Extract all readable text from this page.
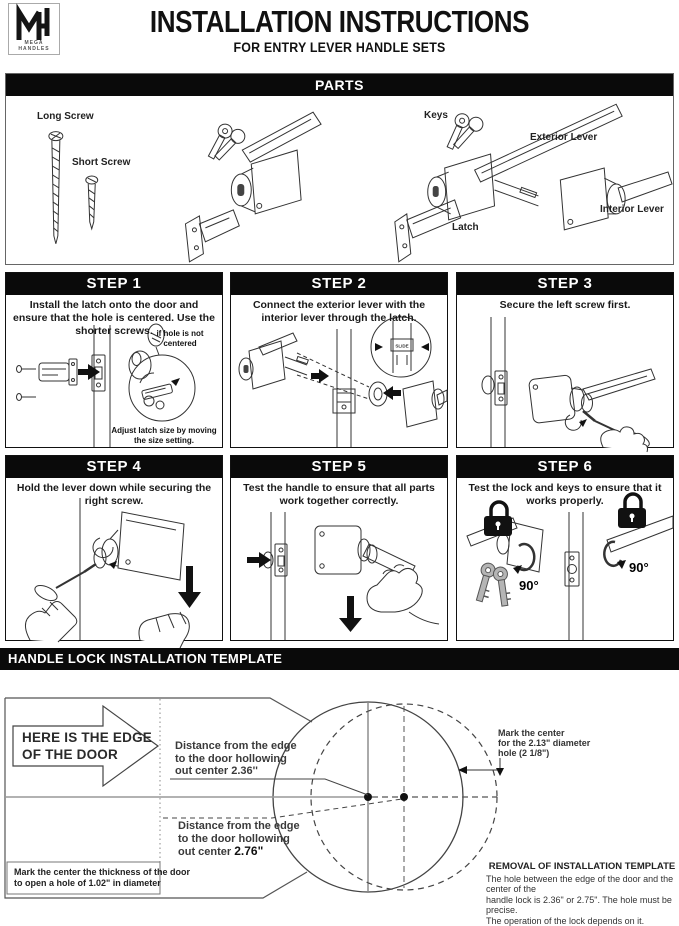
MEGA HANDLES
INSTALLATION INSTRUCTIONS
FOR ENTRY LEVER HANDLE SETS
PARTS
Long Screw
Short Screw
Keys
Exterior Lever
Latch
Interior Lever
STEP 1
Install the latch onto the door and ensure that the hole is centered. Use the shorter screws. if hole is not centered
Adjust latch size by moving the size setting.
STEP 2
Connect the exterior lever with the interior lever through the latch.
SLIDE
STEP 3
Secure the left screw first.
STEP 4
Hold the lever down while securing the right screw.
STEP 5
Test the handle to ensure that all parts work together correctly.
STEP 6
Test the lock and keys to ensure that it works properly.
90°
90°
HANDLE LOCK INSTALLATION TEMPLATE
HERE IS THE EDGE
OF THE DOOR
Distance from the edge
to the door hollowing
out center 2.36''
Distance from the edge
to the door hollowing
out center 2.76"
Mark the center
for the 2.13" diameter
hole (2 1/8")
Mark the center the thickness of the door
to open a hole of 1.02" in diameter
REMOVAL OF INSTALLATION TEMPLATE
The hole between the edge of the door and the center of the
handle lock is 2.36" or 2.75". The hole must be precise.
The operation of the lock depends on it.
